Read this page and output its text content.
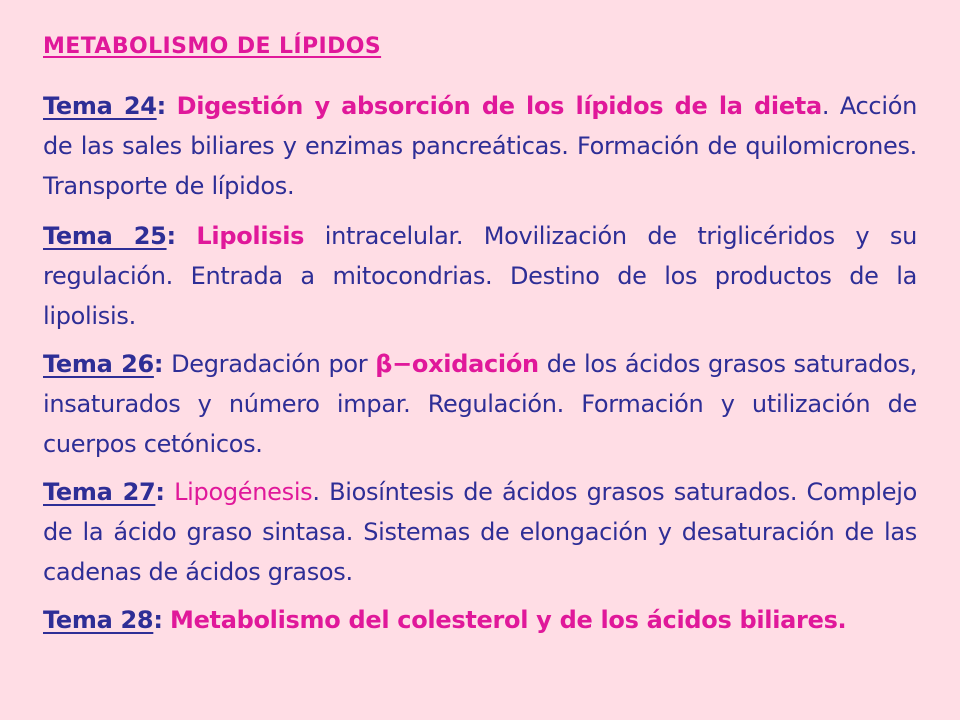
METABOLISMO DE LÍPIDOS
Tema 24: Digestión y absorción de los lípidos de la dieta. Acción de las sales biliares y enzimas pancreáticas. Formación de quilomicrones. Transporte de lípidos.
Tema 25: Lipolisis intracelular. Movilización de triglicéridos y su regulación. Entrada a mitocondrias. Destino de los productos de la lipolisis.
Tema 26: Degradación por β−oxidación de los ácidos grasos saturados, insaturados y número impar. Regulación. Formación y utilización de cuerpos cetónicos.
Tema 27: Lipogénesis. Biosíntesis de ácidos grasos saturados. Complejo de la ácido graso sintasa. Sistemas de elongación y desaturación de las cadenas de ácidos grasos.
Tema 28: Metabolismo del colesterol y de los ácidos biliares.
